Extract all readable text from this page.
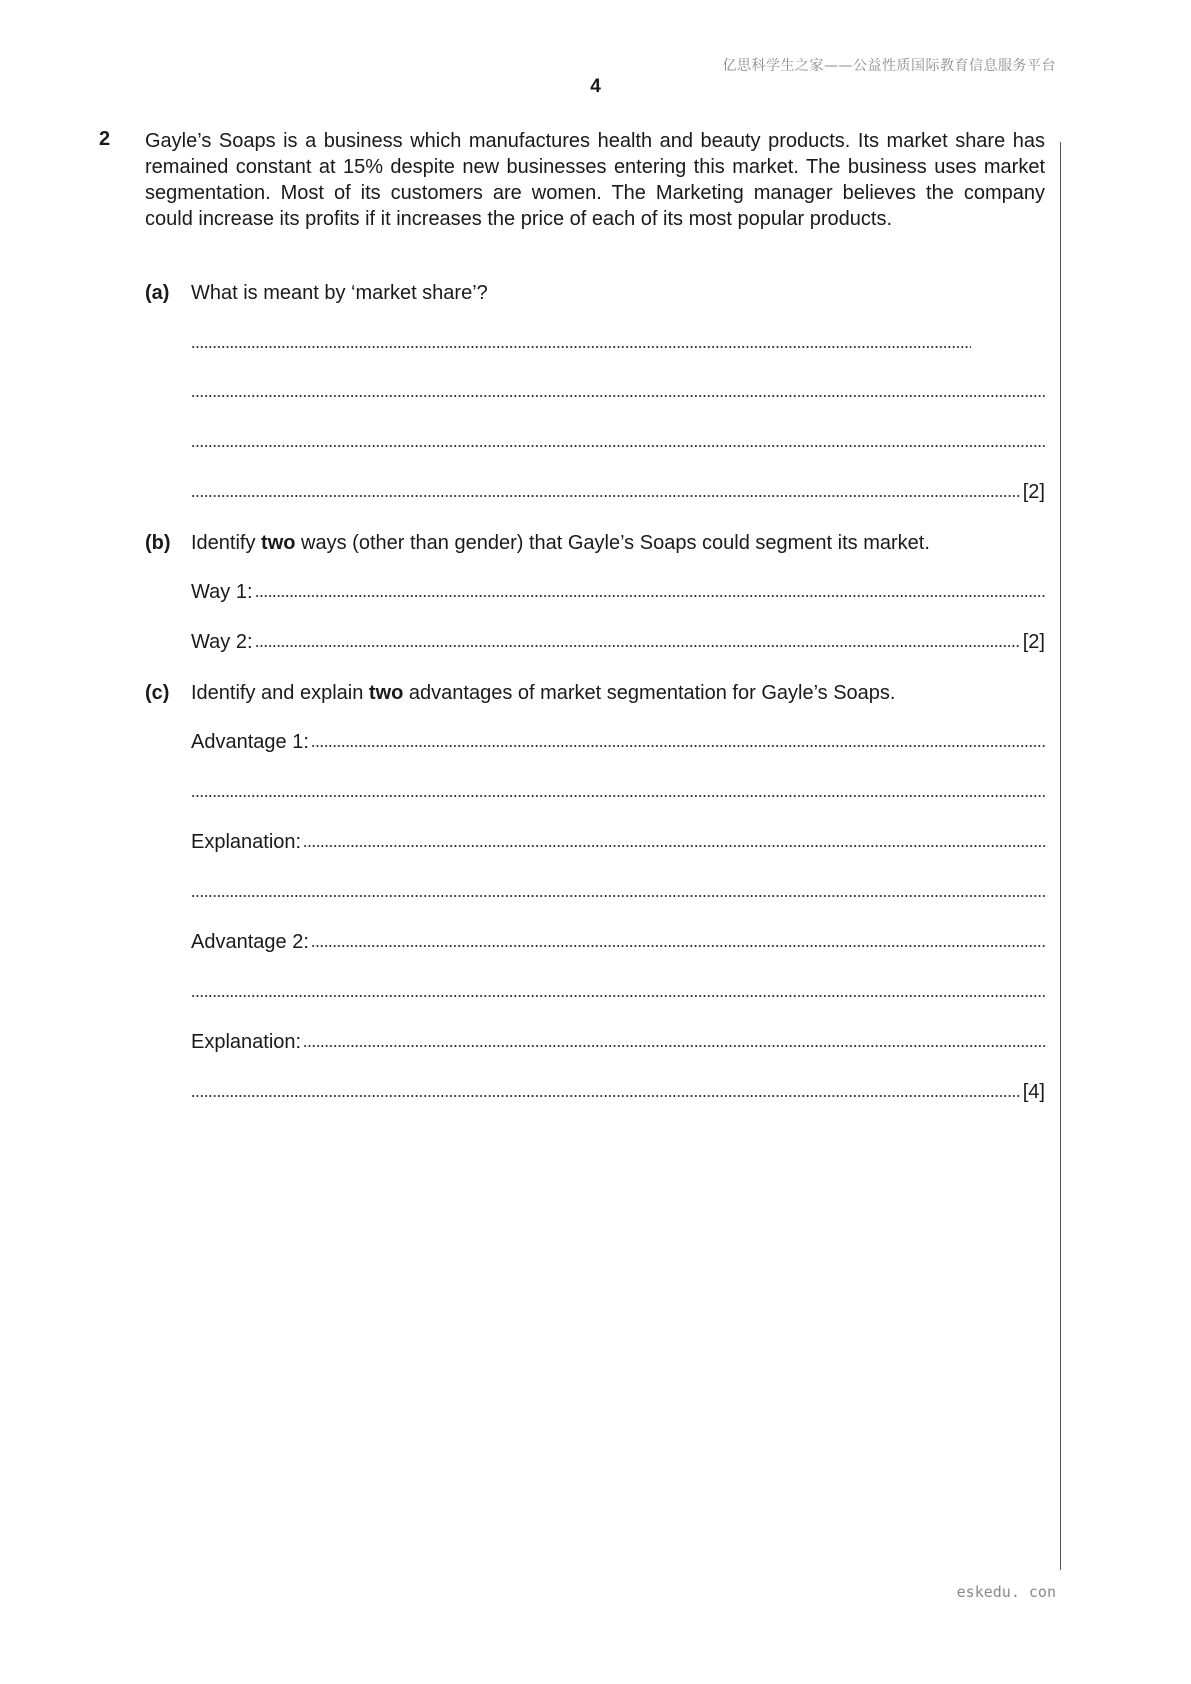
亿思科学生之家——公益性质国际教育信息服务平台
4
2 Gayle’s Soaps is a business which manufactures health and beauty products. Its market share has remained constant at 15% despite new businesses entering this market. The business uses market segmentation. Most of its customers are women. The Marketing manager believes the company could increase its profits if it increases the price of each of its most popular products.
(a) What is meant by ‘market share’?
[2]
(b) Identify two ways (other than gender) that Gayle’s Soaps could segment its market.
Way 1:
Way 2:	[2]
(c) Identify and explain two advantages of market segmentation for Gayle’s Soaps.
Advantage 1:
Explanation:
Advantage 2:
Explanation:
[4]
eskedu. con
